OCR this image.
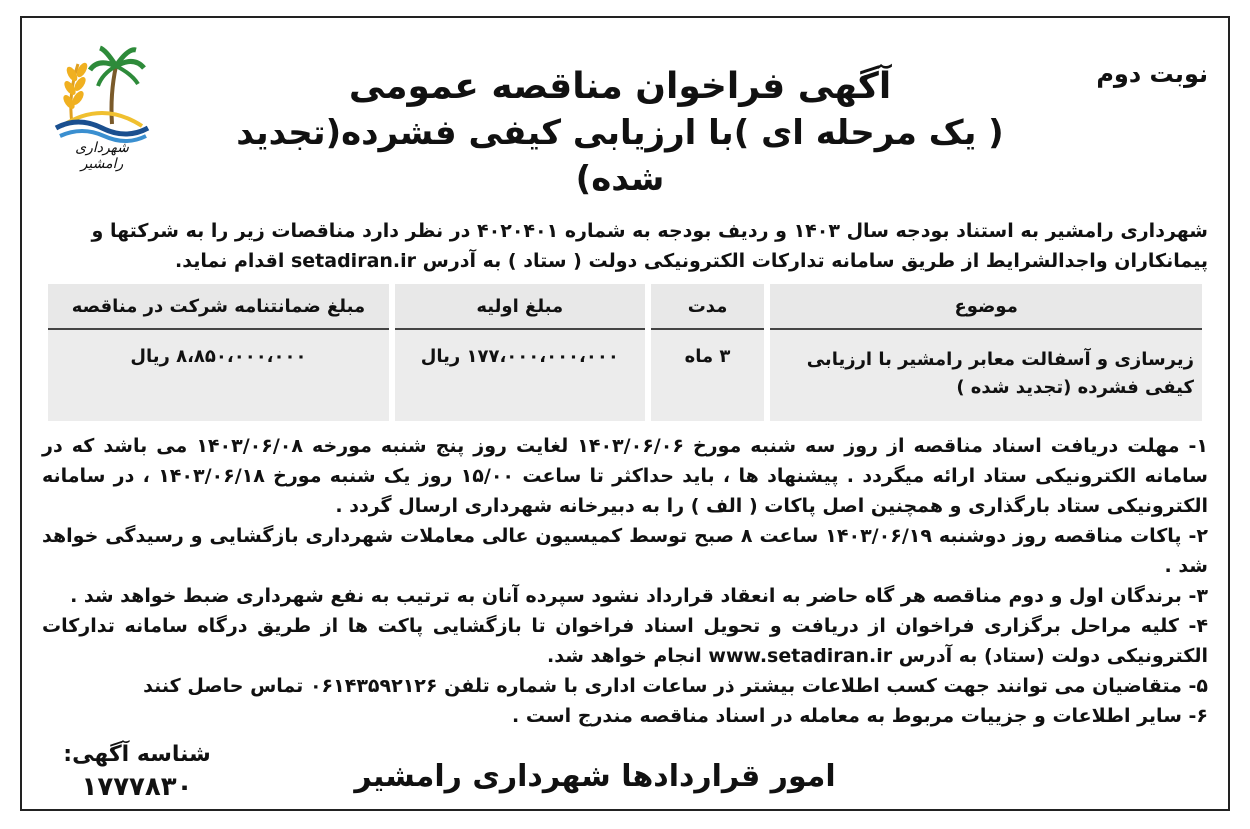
نوبت دوم
آگهی فراخوان مناقصه عمومی
( یک مرحله ای )با ارزیابی کیفی فشرده(تجدید شده)
شهرداری رامشیر

شهرداری رامشیر به استناد بودجه سال ۱۴۰۳ و ردیف بودجه به شماره ۴۰۲۰۴۰۱ در نظر دارد مناقصات زیر را به شرکتها و

پیمانکاران واجدالشرایط از طریق سامانه تدارکات الکترونیکی دولت ( ستاد ) به آدرس setadiran.ir اقدام نماید.

موضوع	مدت	مبلغ اولیه	مبلغ ضمانتنامه شرکت در مناقصه
زیرسازی و آسفالت معابر رامشیر با ارزیابی کیفی فشرده (تجدید شده )	۳ ماه	۱۷۷،۰۰۰،۰۰۰،۰۰۰ ریال	۸،۸۵۰،۰۰۰،۰۰۰ ریال

۱- مهلت دریافت اسناد مناقصه از روز سه شنبه مورخ ۱۴۰۳/۰۶/۰۶ لغایت روز پنج شنبه مورخه ۱۴۰۳/۰۶/۰۸ می باشد که در سامانه الکترونیکی ستاد ارائه میگردد . پیشنهاد ها ، باید حداکثر تا ساعت ۱۵/۰۰ روز یک شنبه مورخ ۱۴۰۳/۰۶/۱۸ ، در سامانه الکترونیکی ستاد بارگذاری و همچنین اصل پاکات ( الف ) را به دبیرخانه شهرداری ارسال گردد .

۲- پاکات مناقصه روز دوشنبه ۱۴۰۳/۰۶/۱۹ ساعت ۸ صبح توسط کمیسیون عالی معاملات شهرداری بازگشایی و رسیدگی خواهد شد .

۳- برندگان اول و دوم مناقصه هر گاه حاضر به انعقاد قرارداد نشود سپرده آنان به ترتیب به نفع شهرداری ضبط خواهد شد .

۴- کلیه مراحل برگزاری فراخوان از دریافت و تحویل اسناد فراخوان تا بازگشایی پاکت ها از طریق درگاه سامانه تدارکات الکترونیکی دولت (ستاد) به آدرس www.setadiran.ir انجام خواهد شد.

۵- متقاضیان می توانند جهت کسب اطلاعات بیشتر ذر ساعات اداری با شماره تلفن ۰۶۱۴۳۵۹۲۱۲۶ تماس حاصل کنند

۶- سایر اطلاعات و جزییات مربوط به معامله در اسناد مناقصه مندرج است .

امور قراردادها شهرداری رامشیر
شناسه آگهی:
۱۷۷۷۸۳۰
